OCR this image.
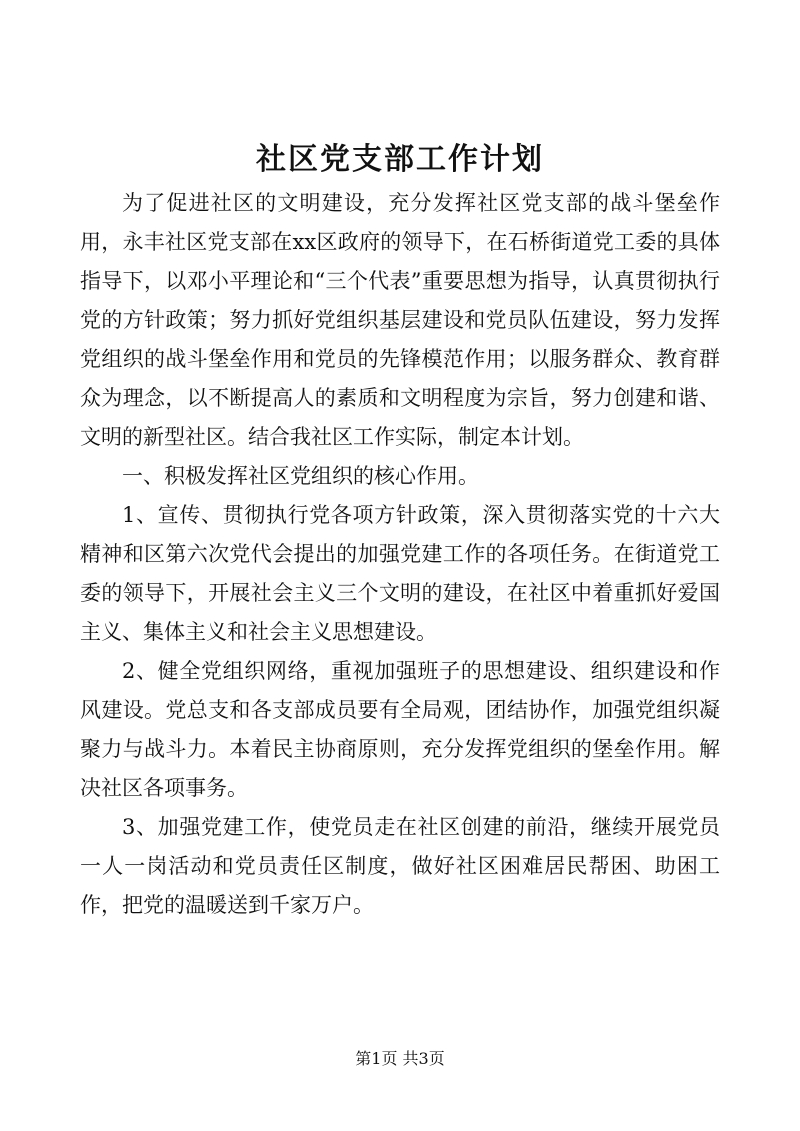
社区党支部工作计划

为了促进社区的文明建设，充分发挥社区党支部的战斗堡垒作用，永丰社区党支部在xx区政府的领导下，在石桥街道党工委的具体指导下，以邓小平理论和“三个代表”重要思想为指导，认真贯彻执行党的方针政策；努力抓好党组织基层建设和党员队伍建设，努力发挥党组织的战斗堡垒作用和党员的先锋模范作用；以服务群众、教育群众为理念，以不断提高人的素质和文明程度为宗旨，努力创建和谐、文明的新型社区。结合我社区工作实际，制定本计划。

一、积极发挥社区党组织的核心作用。

1、宣传、贯彻执行党各项方针政策，深入贯彻落实党的十六大精神和区第六次党代会提出的加强党建工作的各项任务。在街道党工委的领导下，开展社会主义三个文明的建设，在社区中着重抓好爱国主义、集体主义和社会主义思想建设。

2、健全党组织网络，重视加强班子的思想建设、组织建设和作风建设。党总支和各支部成员要有全局观，团结协作，加强党组织凝聚力与战斗力。本着民主协商原则，充分发挥党组织的堡垒作用。解决社区各项事务。

3、加强党建工作，使党员走在社区创建的前沿，继续开展党员一人一岗活动和党员责任区制度，做好社区困难居民帮困、助困工作，把党的温暖送到千家万户。

第1页 共3页
